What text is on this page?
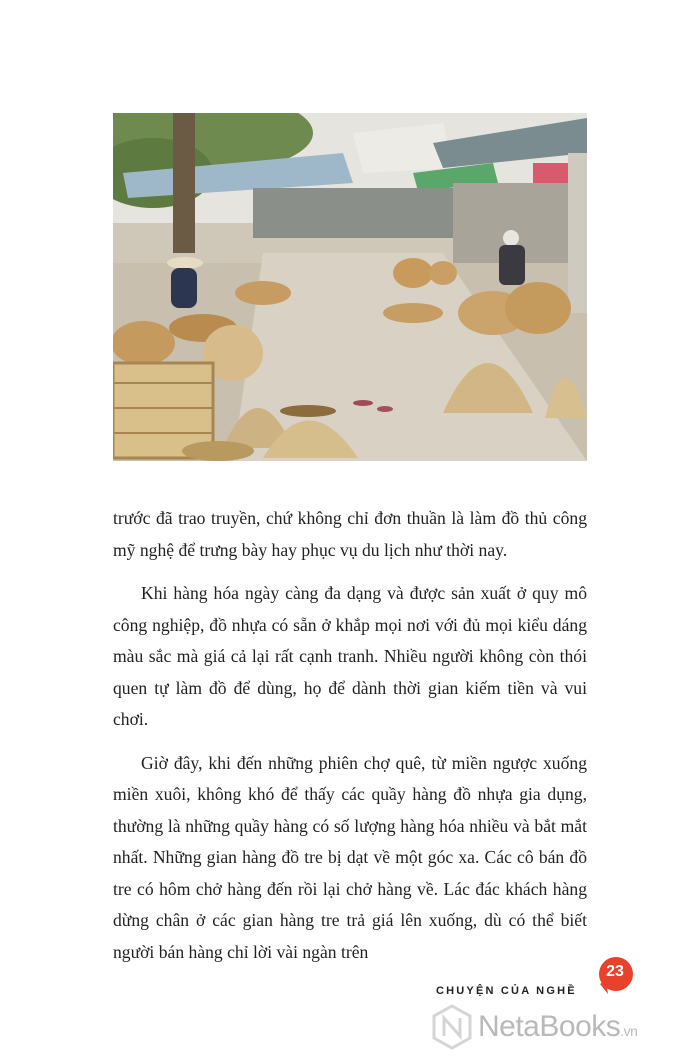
trước đã trao truyền, chứ không chỉ đơn thuần là làm đồ thủ công mỹ nghệ để trưng bày hay phục vụ du lịch như thời nay.

Khi hàng hóa ngày càng đa dạng và được sản xuất ở quy mô công nghiệp, đồ nhựa có sẵn ở khắp mọi nơi với đủ mọi kiểu dáng màu sắc mà giá cả lại rất cạnh tranh. Nhiều người không còn thói quen tự làm đồ để dùng, họ để dành thời gian kiếm tiền và vui chơi.

Giờ đây, khi đến những phiên chợ quê, từ miền ngược xuống miền xuôi, không khó để thấy các quầy hàng đồ nhựa gia dụng, thường là những quầy hàng có số lượng hàng hóa nhiều và bắt mắt nhất. Những gian hàng đồ tre bị dạt về một góc xa. Các cô bán đồ tre có hôm chở hàng đến rồi lại chở hàng về. Lác đác khách hàng dừng chân ở các gian hàng tre trả giá lên xuống, dù có thể biết người bán hàng chỉ lời vài ngàn trên

CHUYỆN CỦA NGHỀ
23
NetaBooks.vn
